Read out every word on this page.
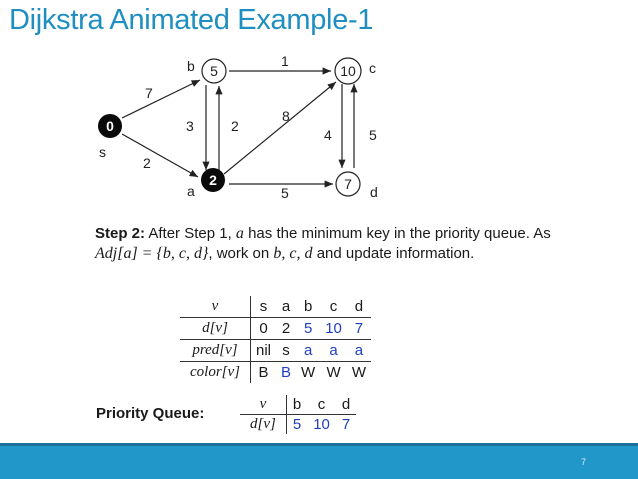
Dijkstra Animated Example-1
7
2
1
3	2
8
5
4	5
0
s
2
a
5
b	10 c
7 d
Step 2: After Step 1, a has the minimum key in the priority queue. As Adj[a] = {b, c, d}, work on b, c, d and update information.
v	s	a	b	c	d
d[v]	0	2	5	10	7
pred[v]	nil	s	a	a	a
color[v]	B	B	W	W	W
Priority Queue:
v	b	c	d
d[v]	5	10	7
7
